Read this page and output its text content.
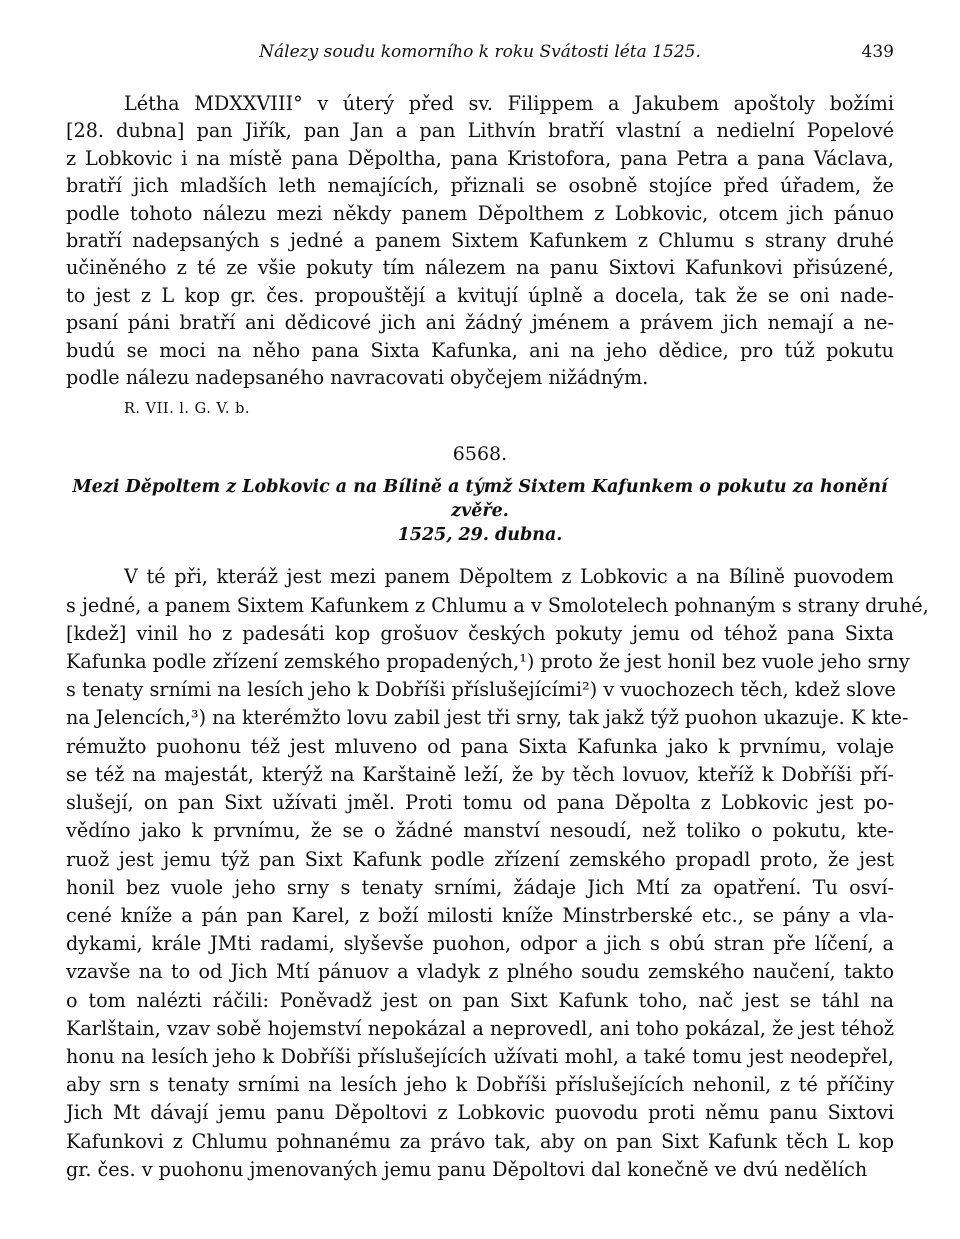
Nálezy soudu komorního k roku Svátosti léta 1525.	439
Létha MDXXVIII° v úterý před sv. Filippem a Jakubem apoštoly božími
[28. dubna] pan Jiřík, pan Jan a pan Lithvín bratří vlastní a nedielní Popelové
z Lobkovic i na místě pana Děpoltha, pana Kristofora, pana Petra a pana Václava,
bratří jich mladších leth nemajících, přiznali se osobně stojíce před úřadem, že
podle tohoto nálezu mezi někdy panem Děpolthem z Lobkovic, otcem jich pánuo
bratří nadepsaných s jedné a panem Sixtem Kafunkem z Chlumu s strany druhé
učiněného z té ze všie pokuty tím nálezem na panu Sixtovi Kafunkovi přisúzené,
to jest z L kop gr. čes. propouštějí a kvitují úplně a docela, tak že se oni nade-
psaní páni bratří ani dědicové jich ani žádný jménem a právem jich nemají a ne-
budú se moci na něho pana Sixta Kafunka, ani na jeho dědice, pro túž pokutu
podle nálezu nadepsaného navracovati obyčejem nižádným.
R. VII. l. G. V. b.
6568.
Mezi Děpoltem z Lobkovic a na Bílině a týmž Sixtem Kafunkem o pokutu za honění zvěře.
1525, 29. dubna.
V té při, kteráž jest mezi panem Děpoltem z Lobkovic a na Bílině puovodem
s jedné, a panem Sixtem Kafunkem z Chlumu a v Smolotelech pohnaným s strany druhé,
[kdež] vinil ho z padesáti kop grošuov českých pokuty jemu od téhož pana Sixta
Kafunka podle zřízení zemského propadených,¹) proto že jest honil bez vuole jeho srny
s tenaty srními na lesích jeho k Dobříši příslušejícími²) v vuochozech těch, kdež slove
na Jelencích,³) na kterémžto lovu zabil jest tři srny, tak jakž týž puohon ukazuje. K kte-
rémužto puohonu též jest mluveno od pana Sixta Kafunka jako k prvnímu, volaje
se též na majestát, kterýž na Karštaině leží, že by těch lovuov, kteříž k Dobříši pří-
slušejí, on pan Sixt užívati jměl. Proti tomu od pana Děpolta z Lobkovic jest po-
vědíno jako k prvnímu, že se o žádné manství nesoudí, než toliko o pokutu, kte-
ruož jest jemu týž pan Sixt Kafunk podle zřízení zemského propadl proto, že jest
honil bez vuole jeho srny s tenaty srními, žádaje Jich Mtí za opatření. Tu osví-
cené kníže a pán pan Karel, z boží milosti kníže Minstrberské etc., se pány a vla-
dykami, krále JMti radami, slyševše puohon, odpor a jich s obú stran pře líčení, a
vzavše na to od Jich Mtí pánuov a vladyk z plného soudu zemského naučení, takto
o tom nalézti ráčili: Poněvadž jest on pan Sixt Kafunk toho, nač jest se táhl na
Karlštain, vzav sobě hojemství nepokázal a neprovedl, ani toho pokázal, že jest téhož
honu na lesích jeho k Dobříši příslušejících užívati mohl, a také tomu jest neodepřel,
aby srn s tenaty srními na lesích jeho k Dobříši příslušejících nehonil, z té příčiny
Jich Mt dávají jemu panu Děpoltovi z Lobkovic puovodu proti němu panu Sixtovi
Kafunkovi z Chlumu pohnanému za právo tak, aby on pan Sixt Kafunk těch L kop
gr. čes. v puohonu jmenovaných jemu panu Děpoltovi dal konečně ve dvú nedělích
